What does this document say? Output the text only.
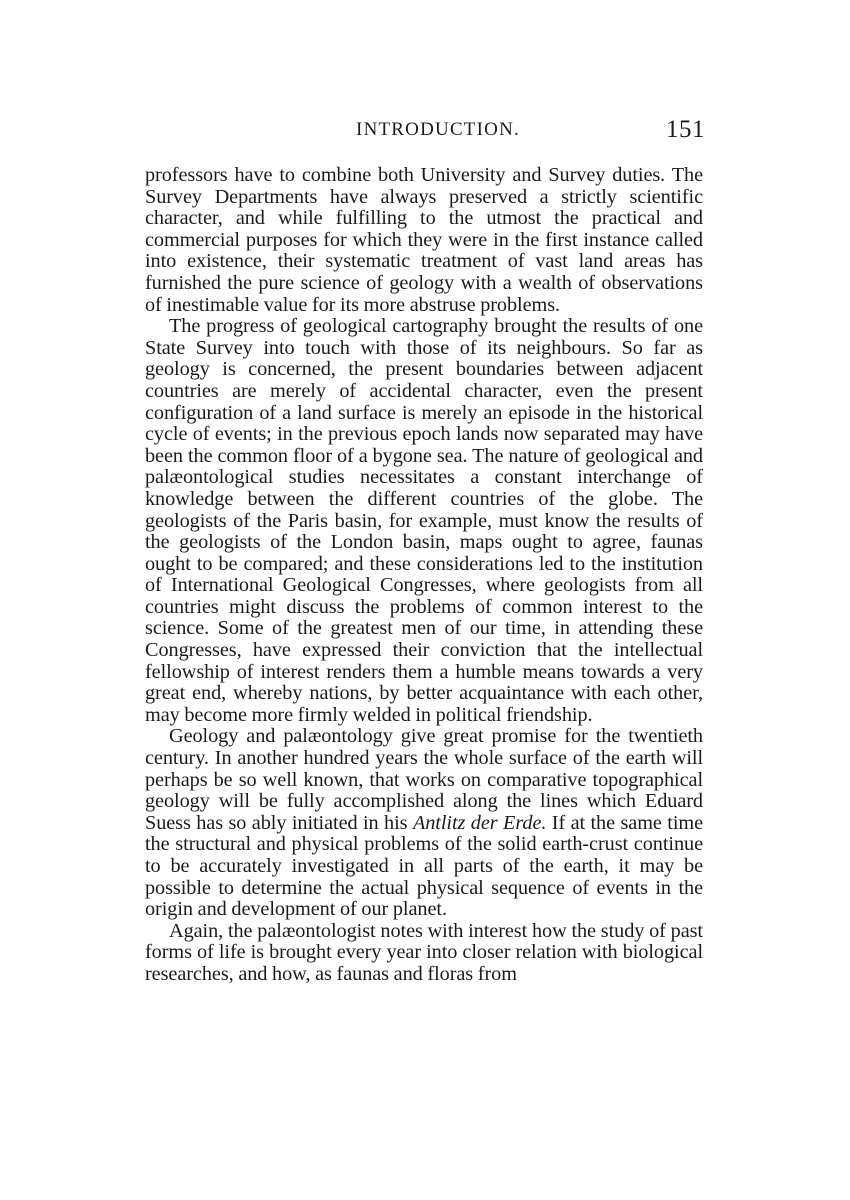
INTRODUCTION.	151

professors have to combine both University and Survey duties. The Survey Departments have always preserved a strictly scientific character, and while fulfilling to the utmost the practical and commercial purposes for which they were in the first instance called into existence, their systematic treatment of vast land areas has furnished the pure science of geology with a wealth of observations of inestimable value for its more abstruse problems.

The progress of geological cartography brought the results of one State Survey into touch with those of its neighbours. So far as geology is concerned, the present boundaries between adjacent countries are merely of accidental character, even the present configuration of a land surface is merely an episode in the historical cycle of events; in the previous epoch lands now separated may have been the common floor of a bygone sea. The nature of geological and palæontological studies necessitates a constant interchange of knowledge between the different countries of the globe. The geologists of the Paris basin, for example, must know the results of the geologists of the London basin, maps ought to agree, faunas ought to be compared; and these considerations led to the institution of International Geological Congresses, where geologists from all countries might discuss the problems of common interest to the science. Some of the greatest men of our time, in attending these Congresses, have expressed their conviction that the intellectual fellowship of interest renders them a humble means towards a very great end, whereby nations, by better acquaintance with each other, may become more firmly welded in political friendship.

Geology and palæontology give great promise for the twentieth century. In another hundred years the whole surface of the earth will perhaps be so well known, that works on comparative topographical geology will be fully accomplished along the lines which Eduard Suess has so ably initiated in his Antlitz der Erde. If at the same time the structural and physical problems of the solid earth-crust continue to be accurately investigated in all parts of the earth, it may be possible to determine the actual physical sequence of events in the origin and development of our planet.

Again, the palæontologist notes with interest how the study of past forms of life is brought every year into closer relation with biological researches, and how, as faunas and floras from
